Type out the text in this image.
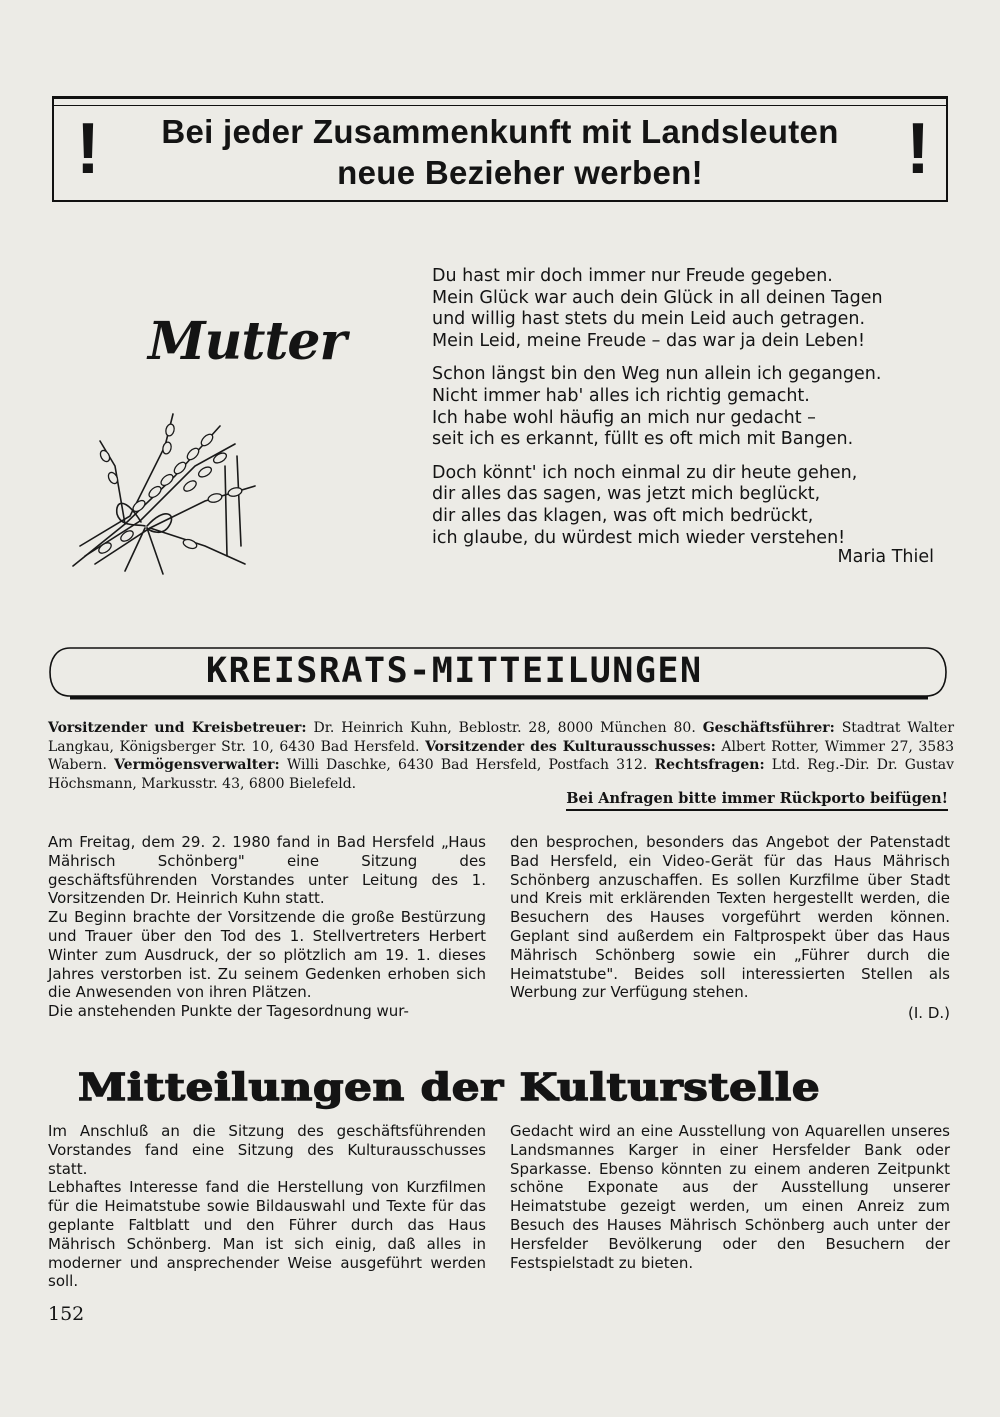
!	Bei jeder Zusammenkunft mit Landsleuten
neue Bezieher werben!	!
Mutter
Du hast mir doch immer nur Freude gegeben.
Mein Glück war auch dein Glück in all deinen Tagen
und willig hast stets du mein Leid auch getragen.
Mein Leid, meine Freude – das war ja dein Leben!
Schon längst bin den Weg nun allein ich gegangen.
Nicht immer hab' alles ich richtig gemacht.
Ich habe wohl häufig an mich nur gedacht –
seit ich es erkannt, füllt es oft mich mit Bangen.
Doch könnt' ich noch einmal zu dir heute gehen,
dir alles das sagen, was jetzt mich beglückt,
dir alles das klagen, was oft mich bedrückt,
ich glaube, du würdest mich wieder verstehen!
Maria Thiel
KREISRATS-MITTEILUNGEN
Vorsitzender und Kreisbetreuer: Dr. Heinrich Kuhn, Beblostr. 28, 8000 München 80. Geschäftsführer: Stadtrat Walter Langkau, Königsberger Str. 10, 6430 Bad Hersfeld. Vorsitzender des Kulturausschusses: Albert Rotter, Wimmer 27, 3583 Wabern. Vermögensverwalter: Willi Daschke, 6430 Bad Hersfeld, Postfach 312. Rechtsfragen: Ltd. Reg.-Dir. Dr. Gustav Höchsmann, Markusstr. 43, 6800 Bielefeld.
Bei Anfragen bitte immer Rückporto beifügen!

Am Freitag, dem 29. 2. 1980 fand in Bad Hersfeld „Haus Mährisch Schönberg" eine Sitzung des geschäftsführenden Vorstandes unter Leitung des 1. Vorsitzenden Dr. Heinrich Kuhn statt.

Zu Beginn brachte der Vorsitzende die große Bestürzung und Trauer über den Tod des 1. Stellvertreters Herbert Winter zum Ausdruck, der so plötzlich am 19. 1. dieses Jahres verstorben ist. Zu seinem Gedenken erhoben sich die Anwesenden von ihren Plätzen.

Die anstehenden Punkte der Tagesordnung wur-

den besprochen, besonders das Angebot der Patenstadt Bad Hersfeld, ein Video-Gerät für das Haus Mährisch Schönberg anzuschaffen. Es sollen Kurzfilme über Stadt und Kreis mit erklärenden Texten hergestellt werden, die Besuchern des Hauses vorgeführt werden können. Geplant sind außerdem ein Faltprospekt über das Haus Mährisch Schönberg sowie ein „Führer durch die Heimatstube". Beides soll interessierten Stellen als Werbung zur Verfügung stehen.

(I. D.)
Mitteilungen der Kulturstelle

Im Anschluß an die Sitzung des geschäftsführenden Vorstandes fand eine Sitzung des Kulturausschusses statt.

Lebhaftes Interesse fand die Herstellung von Kurzfilmen für die Heimatstube sowie Bildauswahl und Texte für das geplante Faltblatt und den Führer durch das Haus Mährisch Schönberg. Man ist sich einig, daß alles in moderner und ansprechender Weise ausgeführt werden soll.

Gedacht wird an eine Ausstellung von Aquarellen unseres Landsmannes Karger in einer Hersfelder Bank oder Sparkasse. Ebenso könnten zu einem anderen Zeitpunkt schöne Exponate aus der Ausstellung unserer Heimatstube gezeigt werden, um einen Anreiz zum Besuch des Hauses Mährisch Schönberg auch unter der Hersfelder Bevölkerung oder den Besuchern der Festspielstadt zu bieten.

152
